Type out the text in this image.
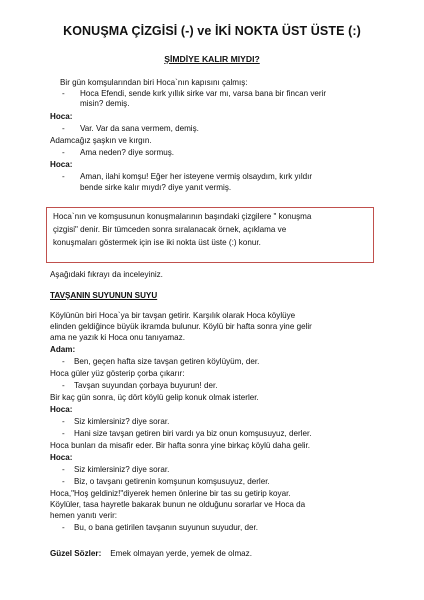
KONUŞMA ÇİZGİSİ (-) ve İKİ NOKTA ÜST ÜSTE (:)
ŞİMDİYE KALIR MIYDI?
Bir gün komşularından biri Hoca`nın kapısını çalmış:
- Hoca Efendi, sende kırk yıllık sirke var mı, varsa bana bir fincan verir
misin? demiş.
Hoca:
- Var. Var da sana vermem, demiş.
Adamcağız şaşkın ve kırgın.
- Ama neden? diye sormuş.
Hoca:
- Aman, ilahi komşu! Eğer her isteyene vermiş olsaydım, kırk yıldır
bende sirke kalır mıydı? diye yanıt vermiş.
Hoca`nın ve komşusunun konuşmalarının başındaki çizgilere " konuşma
çizgisi" denir. Bir tümceden sonra sıralanacak örnek, açıklama ve
konuşmaları göstermek için ise iki nokta üst üste (:) konur.
Aşağıdaki fıkrayı da inceleyiniz.
TAVŞANIN SUYUNUN SUYU
Köylünün biri Hoca`ya bir tavşan getirir. Karşılık olarak Hoca köylüye
elinden geldiğince büyük ikramda bulunur. Köylü bir hafta sonra yine gelir
ama ne yazık ki Hoca onu tanıyamaz.
Adam:
- Ben, geçen hafta size tavşan getiren köylüyüm, der.
Hoca güler yüz gösterip çorba çıkarır:
- Tavşan suyundan çorbaya buyurun! der.
Bir kaç gün sonra, üç dört köylü gelip konuk olmak isterler.
Hoca:
- Siz kimlersiniz? diye sorar.
- Hani size tavşan getiren biri vardı ya biz onun komşusuyuz, derler.
Hoca bunları da misafir eder. Bir hafta sonra yine birkaç köylü daha gelir.
Hoca:
- Siz kimlersiniz? diye sorar.
- Biz, o tavşanı getirenin komşunun komşusuyuz, derler.
Hoca,"Hoş geldiniz!"diyerek hemen önlerine bir tas su getirip koyar.
Köylüler, tasa hayretle bakarak bunun ne olduğunu sorarlar ve Hoca da
hemen yanıtı verir:
- Bu, o bana getirilen tavşanın suyunun suyudur, der.
Güzel Sözler: Emek olmayan yerde, yemek de olmaz.
